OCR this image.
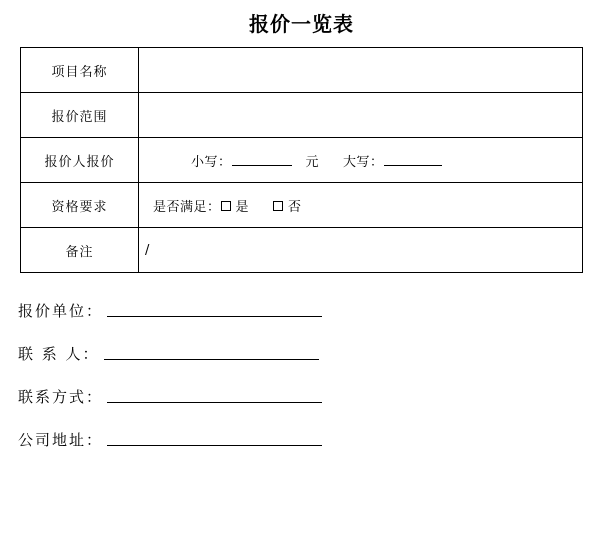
报价一览表
项目名称	
报价范围	
报价人报价	小写： 元 大写：
资格要求	是否满足： 是 否
备注	/
报价单位：
联 系 人：
联系方式：
公司地址：
